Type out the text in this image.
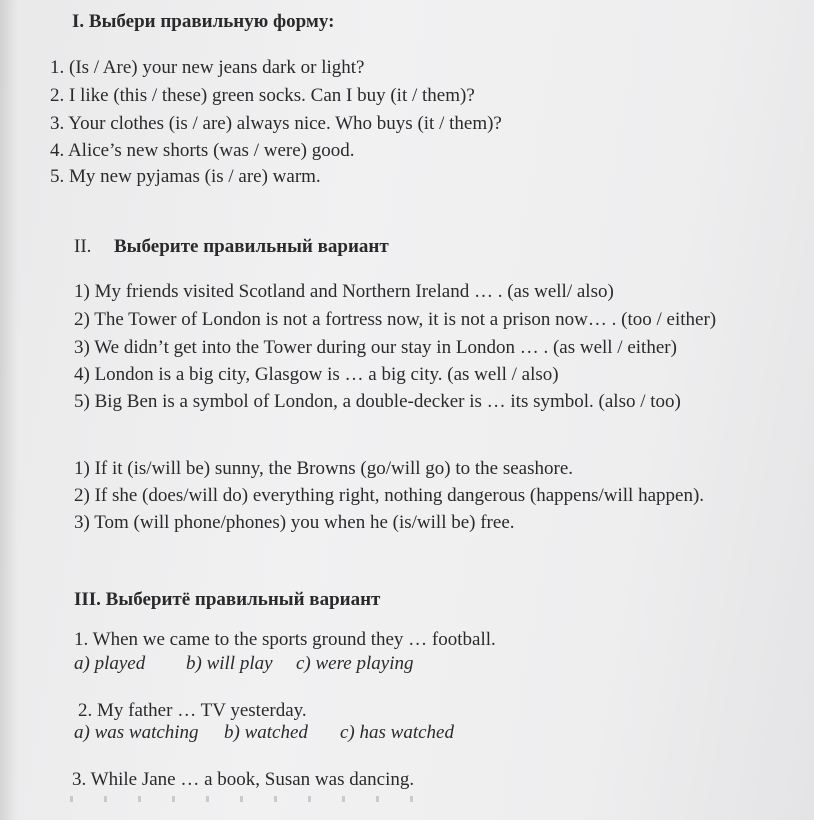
I. Выбери правильную форму:
1. (Is / Are) your new jeans dark or light?
2. I like (this / these) green socks. Can I buy (it / them)?
3. Your clothes (is / are) always nice. Who buys (it / them)?
4. Alice’s new shorts (was / were) good.
5. My new pyjamas (is / are) warm.
II. Выберите правильный вариант
1) My friends visited Scotland and Northern Ireland … . (as well/ also)
2) The Tower of London is not a fortress now, it is not a prison now… . (too / either)
3) We didn’t get into the Tower during our stay in London … . (as well / either)
4) London is a big city, Glasgow is … a big city. (as well / also)
5) Big Ben is a symbol of London, a double-decker is … its symbol. (also / too)
1) If it (is/will be) sunny, the Browns (go/will go) to the seashore.
2) If she (does/will do) everything right, nothing dangerous (happens/will happen).
3) Tom (will phone/phones) you when he (is/will be) free.
III. Выберитё правильный вариант
1. When we came to the sports ground they … football.
a) played b) will play c) were playing
2. My father … TV yesterday.
a) was watching b) watched c) has watched
3. While Jane … a book, Susan was dancing.
